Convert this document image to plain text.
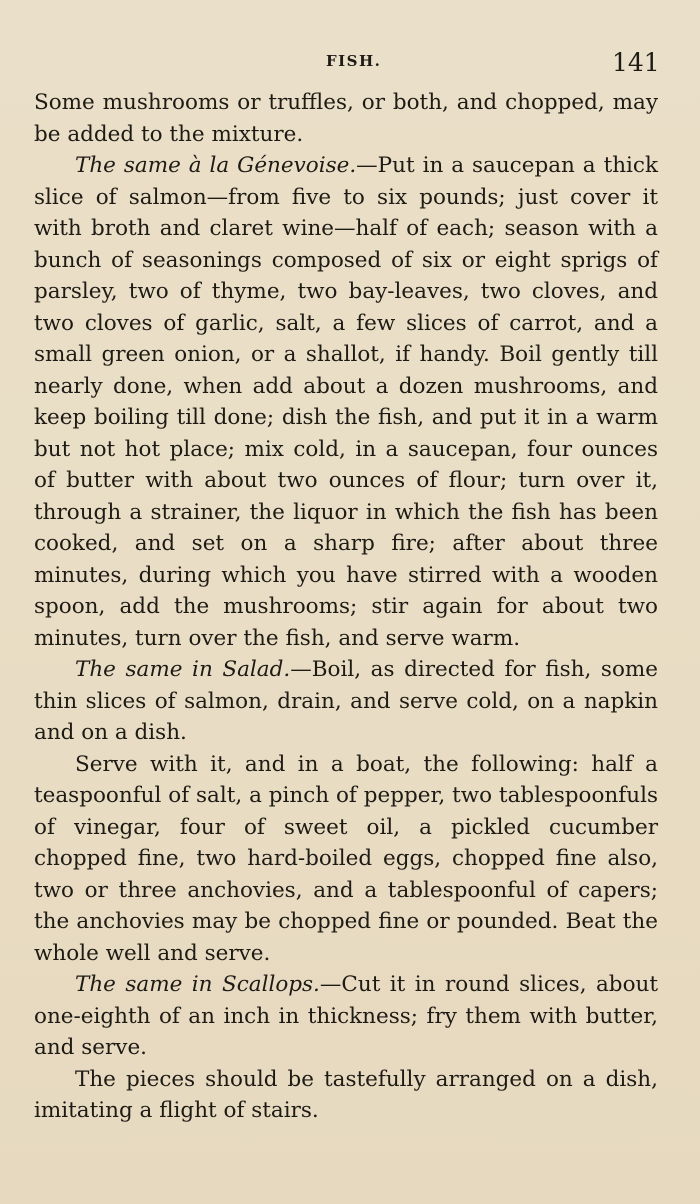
FISH.	141

Some mushrooms or truffles, or both, and chopped, may be added to the mixture.

The same à la Génevoise.—Put in a saucepan a thick slice of salmon—from five to six pounds; just cover it with broth and claret wine—half of each; season with a bunch of seasonings composed of six or eight sprigs of parsley, two of thyme, two bay-leaves, two cloves, and two cloves of garlic, salt, a few slices of carrot, and a small green onion, or a shallot, if handy. Boil gently till nearly done, when add about a dozen mushrooms, and keep boiling till done; dish the fish, and put it in a warm but not hot place; mix cold, in a saucepan, four ounces of butter with about two ounces of flour; turn over it, through a strainer, the liquor in which the fish has been cooked, and set on a sharp fire; after about three minutes, during which you have stirred with a wooden spoon, add the mushrooms; stir again for about two minutes, turn over the fish, and serve warm.

The same in Salad.—Boil, as directed for fish, some thin slices of salmon, drain, and serve cold, on a napkin and on a dish.

Serve with it, and in a boat, the following: half a teaspoonful of salt, a pinch of pepper, two tablespoonfuls of vinegar, four of sweet oil, a pickled cucumber chopped fine, two hard-boiled eggs, chopped fine also, two or three anchovies, and a tablespoonful of capers; the anchovies may be chopped fine or pounded. Beat the whole well and serve.

The same in Scallops.—Cut it in round slices, about one-eighth of an inch in thickness; fry them with butter, and serve.

The pieces should be tastefully arranged on a dish, imitating a flight of stairs.
